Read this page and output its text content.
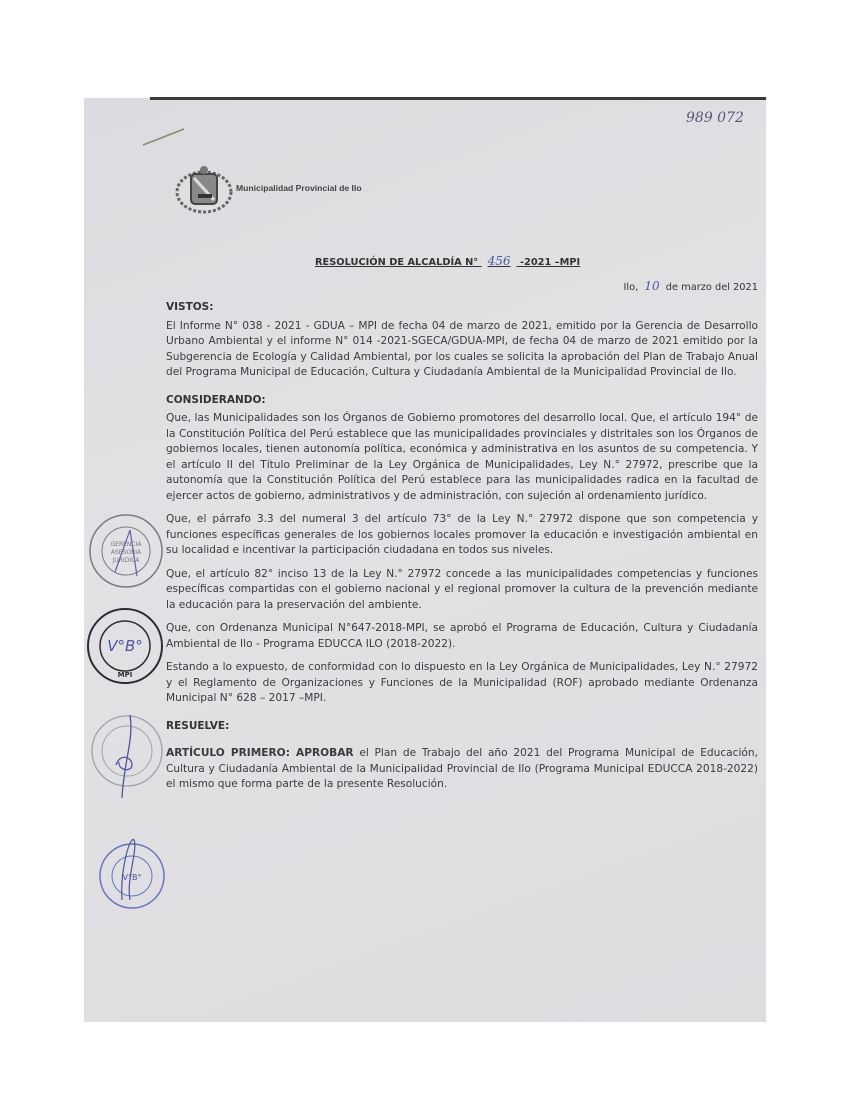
989 072
Municipalidad Provincial de Ilo
RESOLUCIÓN DE ALCALDÍA N° 456 -2021 –MPI
Ilo, 10 de marzo del 2021
VISTOS:
El Informe N° 038 - 2021 - GDUA – MPI de fecha 04 de marzo de 2021, emitido por la Gerencia de Desarrollo Urbano Ambiental y el informe N° 014 -2021-SGECA/GDUA-MPI, de fecha 04 de marzo de 2021 emitido por la Subgerencia de Ecología y Calidad Ambiental, por los cuales se solicita la aprobación del Plan de Trabajo Anual del Programa Municipal de Educación, Cultura y Ciudadanía Ambiental de la Municipalidad Provincial de Ilo.
CONSIDERANDO:
Que, las Municipalidades son los Órganos de Gobierno promotores del desarrollo local. Que, el artículo 194° de la Constitución Política del Perú establece que las municipalidades provinciales y distritales son los Órganos de gobiernos locales, tienen autonomía política, económica y administrativa en los asuntos de su competencia. Y el artículo II del Título Preliminar de la Ley Orgánica de Municipalidades, Ley N.° 27972, prescribe que la autonomía que la Constitución Política del Perú establece para las municipalidades radica en la facultad de ejercer actos de gobierno, administrativos y de administración, con sujeción al ordenamiento jurídico.
Que, el párrafo 3.3 del numeral 3 del artículo 73° de la Ley N.° 27972 dispone que son competencia y funciones específicas generales de los gobiernos locales promover la educación e investigación ambiental en su localidad e incentivar la participación ciudadana en todos sus niveles.
Que, el artículo 82° inciso 13 de la Ley N.° 27972 concede a las municipalidades competencias y funciones específicas compartidas con el gobierno nacional y el regional promover la cultura de la prevención mediante la educación para la preservación del ambiente.
Que, con Ordenanza Municipal N°647-2018-MPI, se aprobó el Programa de Educación, Cultura y Ciudadanía Ambiental de Ilo - Programa EDUCCA ILO (2018-2022).
Estando a lo expuesto, de conformidad con lo dispuesto en la Ley Orgánica de Municipalidades, Ley N.° 27972 y el Reglamento de Organizaciones y Funciones de la Municipalidad (ROF) aprobado mediante Ordenanza Municipal N° 628 – 2017 –MPI.
RESUELVE:
ARTÍCULO PRIMERO: APROBAR el Plan de Trabajo del año 2021 del Programa Municipal de Educación, Cultura y Ciudadanía Ambiental de la Municipalidad Provincial de Ilo (Programa Municipal EDUCCA 2018-2022) el mismo que forma parte de la presente Resolución.
GERENCIA
ASESORIA
JURIDICA
MPI
V°B°
V°B°
